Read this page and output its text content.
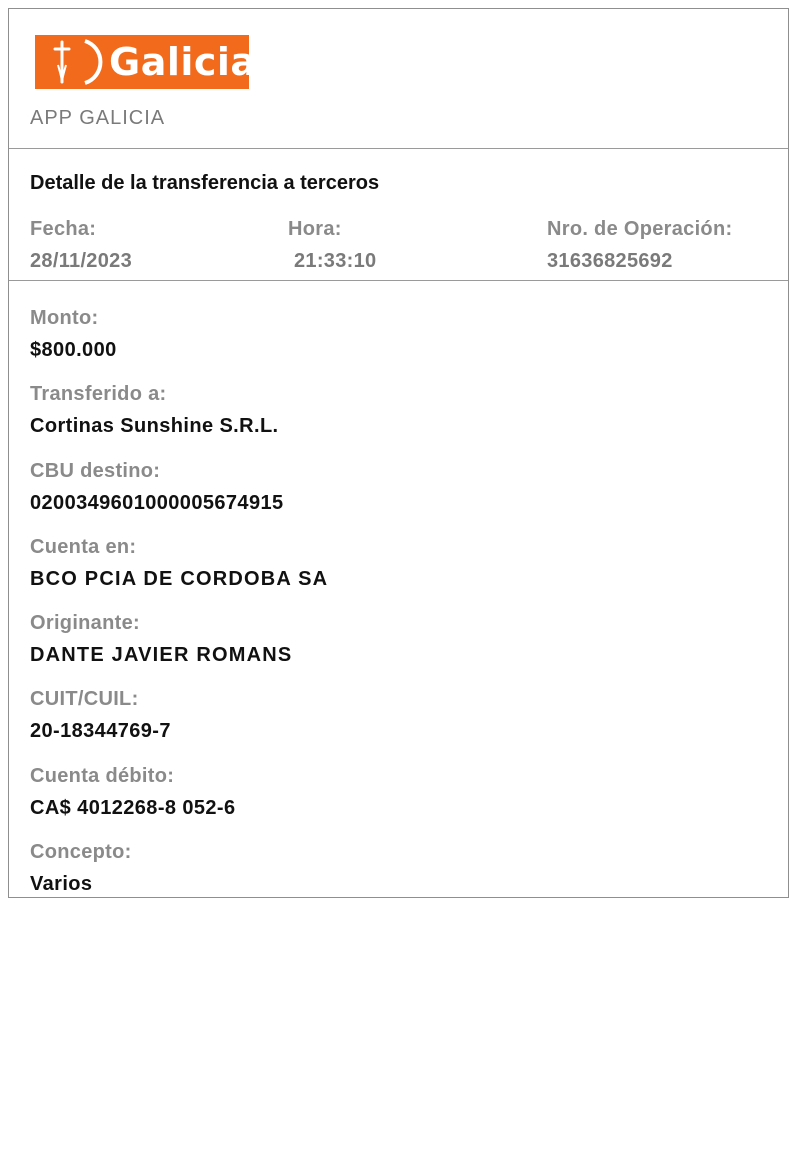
Galicia
APP GALICIA
Detalle de la transferencia a terceros
Fecha:
28/11/2023
Hora:
21:33:10
Nro. de Operación:
31636825692
Monto:
$800.000
Transferido a:
Cortinas Sunshine S.R.L.
CBU destino:
0200349601000005674915
Cuenta en:
BCO PCIA DE CORDOBA SA
Originante:
DANTE JAVIER ROMANS
CUIT/CUIL:
20-18344769-7
Cuenta débito:
CA$ 4012268-8 052-6
Concepto:
Varios
